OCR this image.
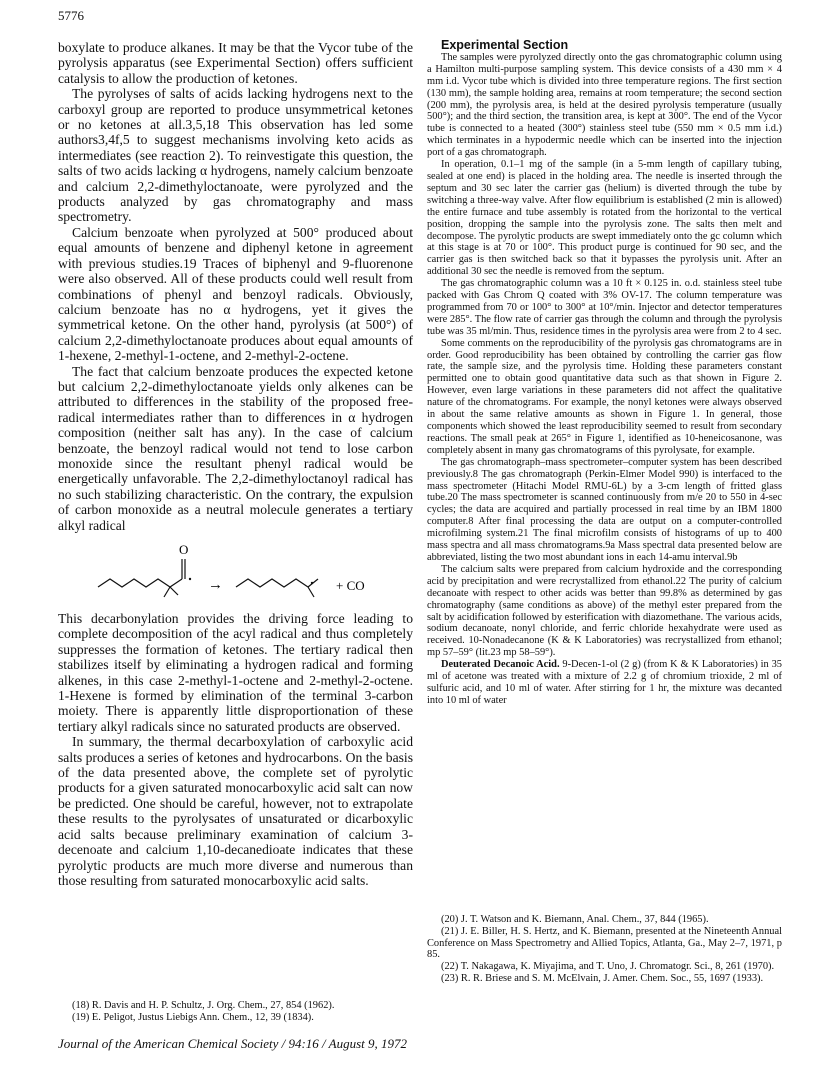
5776

boxylate to produce alkanes. It may be that the Vycor tube of the pyrolysis apparatus (see Experimental Section) offers sufficient catalysis to allow the production of ketones.

The pyrolyses of salts of acids lacking hydrogens next to the carboxyl group are reported to produce unsymmetrical ketones or no ketones at all.3,5,18 This observation has led some authors3,4f,5 to suggest mechanisms involving keto acids as intermediates (see reaction 2). To reinvestigate this question, the salts of two acids lacking α hydrogens, namely calcium benzoate and calcium 2,2-dimethyloctanoate, were pyrolyzed and the products analyzed by gas chromatography and mass spectrometry.

Calcium benzoate when pyrolyzed at 500° produced about equal amounts of benzene and diphenyl ketone in agreement with previous studies.19 Traces of biphenyl and 9-fluorenone were also observed. All of these products could well result from combinations of phenyl and benzoyl radicals. Obviously, calcium benzoate has no α hydrogens, yet it gives the symmetrical ketone. On the other hand, pyrolysis (at 500°) of calcium 2,2-dimethyloctanoate produces about equal amounts of 1-hexene, 2-methyl-1-octene, and 2-methyl-2-octene.

The fact that calcium benzoate produces the expected ketone but calcium 2,2-dimethyloctanoate yields only alkenes can be attributed to differences in the stability of the proposed free-radical intermediates rather than to differences in α hydrogen composition (neither salt has any). In the case of calcium benzoate, the benzoyl radical would not tend to lose carbon monoxide since the resultant phenyl radical would be energetically unfavorable. The 2,2-dimethyloctanoyl radical has no such stabilizing characteristic. On the contrary, the expulsion of carbon monoxide as a neutral molecule generates a tertiary alkyl radical

O
→	+ CO

This decarbonylation provides the driving force leading to complete decomposition of the acyl radical and thus completely suppresses the formation of ketones. The tertiary radical then stabilizes itself by eliminating a hydrogen radical and forming alkenes, in this case 2-methyl-1-octene and 2-methyl-2-octene. 1-Hexene is formed by elimination of the terminal 3-carbon moiety. There is apparently little disproportionation of these tertiary alkyl radicals since no saturated products are observed.

In summary, the thermal decarboxylation of carboxylic acid salts produces a series of ketones and hydrocarbons. On the basis of the data presented above, the complete set of pyrolytic products for a given saturated monocarboxylic acid salt can now be predicted. One should be careful, however, not to extrapolate these results to the pyrolysates of unsaturated or dicarboxylic acid salts because preliminary examination of calcium 3-decenoate and calcium 1,10-decanedioate indicates that these pyrolytic products are much more diverse and numerous than those resulting from saturated monocarboxylic acid salts.

(18) R. Davis and H. P. Schultz, J. Org. Chem., 27, 854 (1962).

(19) E. Peligot, Justus Liebigs Ann. Chem., 12, 39 (1834).

Experimental Section

The samples were pyrolyzed directly onto the gas chromatographic column using a Hamilton multi-purpose sampling system. This device consists of a 430 mm × 4 mm i.d. Vycor tube which is divided into three temperature regions. The first section (130 mm), the sample holding area, remains at room temperature; the second section (200 mm), the pyrolysis area, is held at the desired pyrolysis temperature (usually 500°); and the third section, the transition area, is kept at 300°. The end of the Vycor tube is connected to a heated (300°) stainless steel tube (550 mm × 0.5 mm i.d.) which terminates in a hypodermic needle which can be inserted into the injection port of a gas chromatograph.

In operation, 0.1–1 mg of the sample (in a 5-mm length of capillary tubing, sealed at one end) is placed in the holding area. The needle is inserted through the septum and 30 sec later the carrier gas (helium) is diverted through the tube by switching a three-way valve. After flow equilibrium is established (2 min is allowed) the entire furnace and tube assembly is rotated from the horizontal to the vertical position, dropping the sample into the pyrolysis zone. The salts then melt and decompose. The pyrolytic products are swept immediately onto the gc column which at this stage is at 70 or 100°. This product purge is continued for 90 sec, and the carrier gas is then switched back so that it bypasses the pyrolysis unit. After an additional 30 sec the needle is removed from the septum.

The gas chromatographic column was a 10 ft × 0.125 in. o.d. stainless steel tube packed with Gas Chrom Q coated with 3% OV-17. The column temperature was programmed from 70 or 100° to 300° at 10°/min. Injector and detector temperatures were 285°. The flow rate of carrier gas through the column and through the pyrolysis tube was 35 ml/min. Thus, residence times in the pyrolysis area were from 2 to 4 sec.

Some comments on the reproducibility of the pyrolysis gas chromatograms are in order. Good reproducibility has been obtained by controlling the carrier gas flow rate, the sample size, and the pyrolysis time. Holding these parameters constant permitted one to obtain good quantitative data such as that shown in Figure 2. However, even large variations in these parameters did not affect the qualitative nature of the chromatograms. For example, the nonyl ketones were always observed in about the same relative amounts as shown in Figure 1. In general, those components which showed the least reproducibility seemed to result from secondary reactions. The small peak at 265° in Figure 1, identified as 10-heneicosanone, was completely absent in many gas chromatograms of this pyrolysate, for example.

The gas chromatograph–mass spectrometer–computer system has been described previously.8 The gas chromatograph (Perkin-Elmer Model 990) is interfaced to the mass spectrometer (Hitachi Model RMU-6L) by a 3-cm length of fritted glass tube.20 The mass spectrometer is scanned continuously from m/e 20 to 550 in 4-sec cycles; the data are acquired and partially processed in real time by an IBM 1800 computer.8 After final processing the data are output on a computer-controlled microfilming system.21 The final microfilm consists of histograms of up to 400 mass spectra and all mass chromatograms.9a Mass spectral data presented below are abbreviated, listing the two most abundant ions in each 14-amu interval.9b

The calcium salts were prepared from calcium hydroxide and the corresponding acid by precipitation and were recrystallized from ethanol.22 The purity of calcium decanoate with respect to other acids was better than 99.8% as determined by gas chromatography (same conditions as above) of the methyl ester prepared from the salt by acidification followed by esterification with diazomethane. The various acids, sodium decanoate, nonyl chloride, and ferric chloride hexahydrate were used as received. 10-Nonadecanone (K & K Laboratories) was recrystallized from ethanol; mp 57–59° (lit.23 mp 58–59°).

Deuterated Decanoic Acid. 9-Decen-1-ol (2 g) (from K & K Laboratories) in 35 ml of acetone was treated with a mixture of 2.2 g of chromium trioxide, 2 ml of sulfuric acid, and 10 ml of water. After stirring for 1 hr, the mixture was decanted into 10 ml of water

(20) J. T. Watson and K. Biemann, Anal. Chem., 37, 844 (1965).

(21) J. E. Biller, H. S. Hertz, and K. Biemann, presented at the Nineteenth Annual Conference on Mass Spectrometry and Allied Topics, Atlanta, Ga., May 2–7, 1971, p 85.

(22) T. Nakagawa, K. Miyajima, and T. Uno, J. Chromatogr. Sci., 8, 261 (1970).

(23) R. R. Briese and S. M. McElvain, J. Amer. Chem. Soc., 55, 1697 (1933).

Journal of the American Chemical Society / 94:16 / August 9, 1972
